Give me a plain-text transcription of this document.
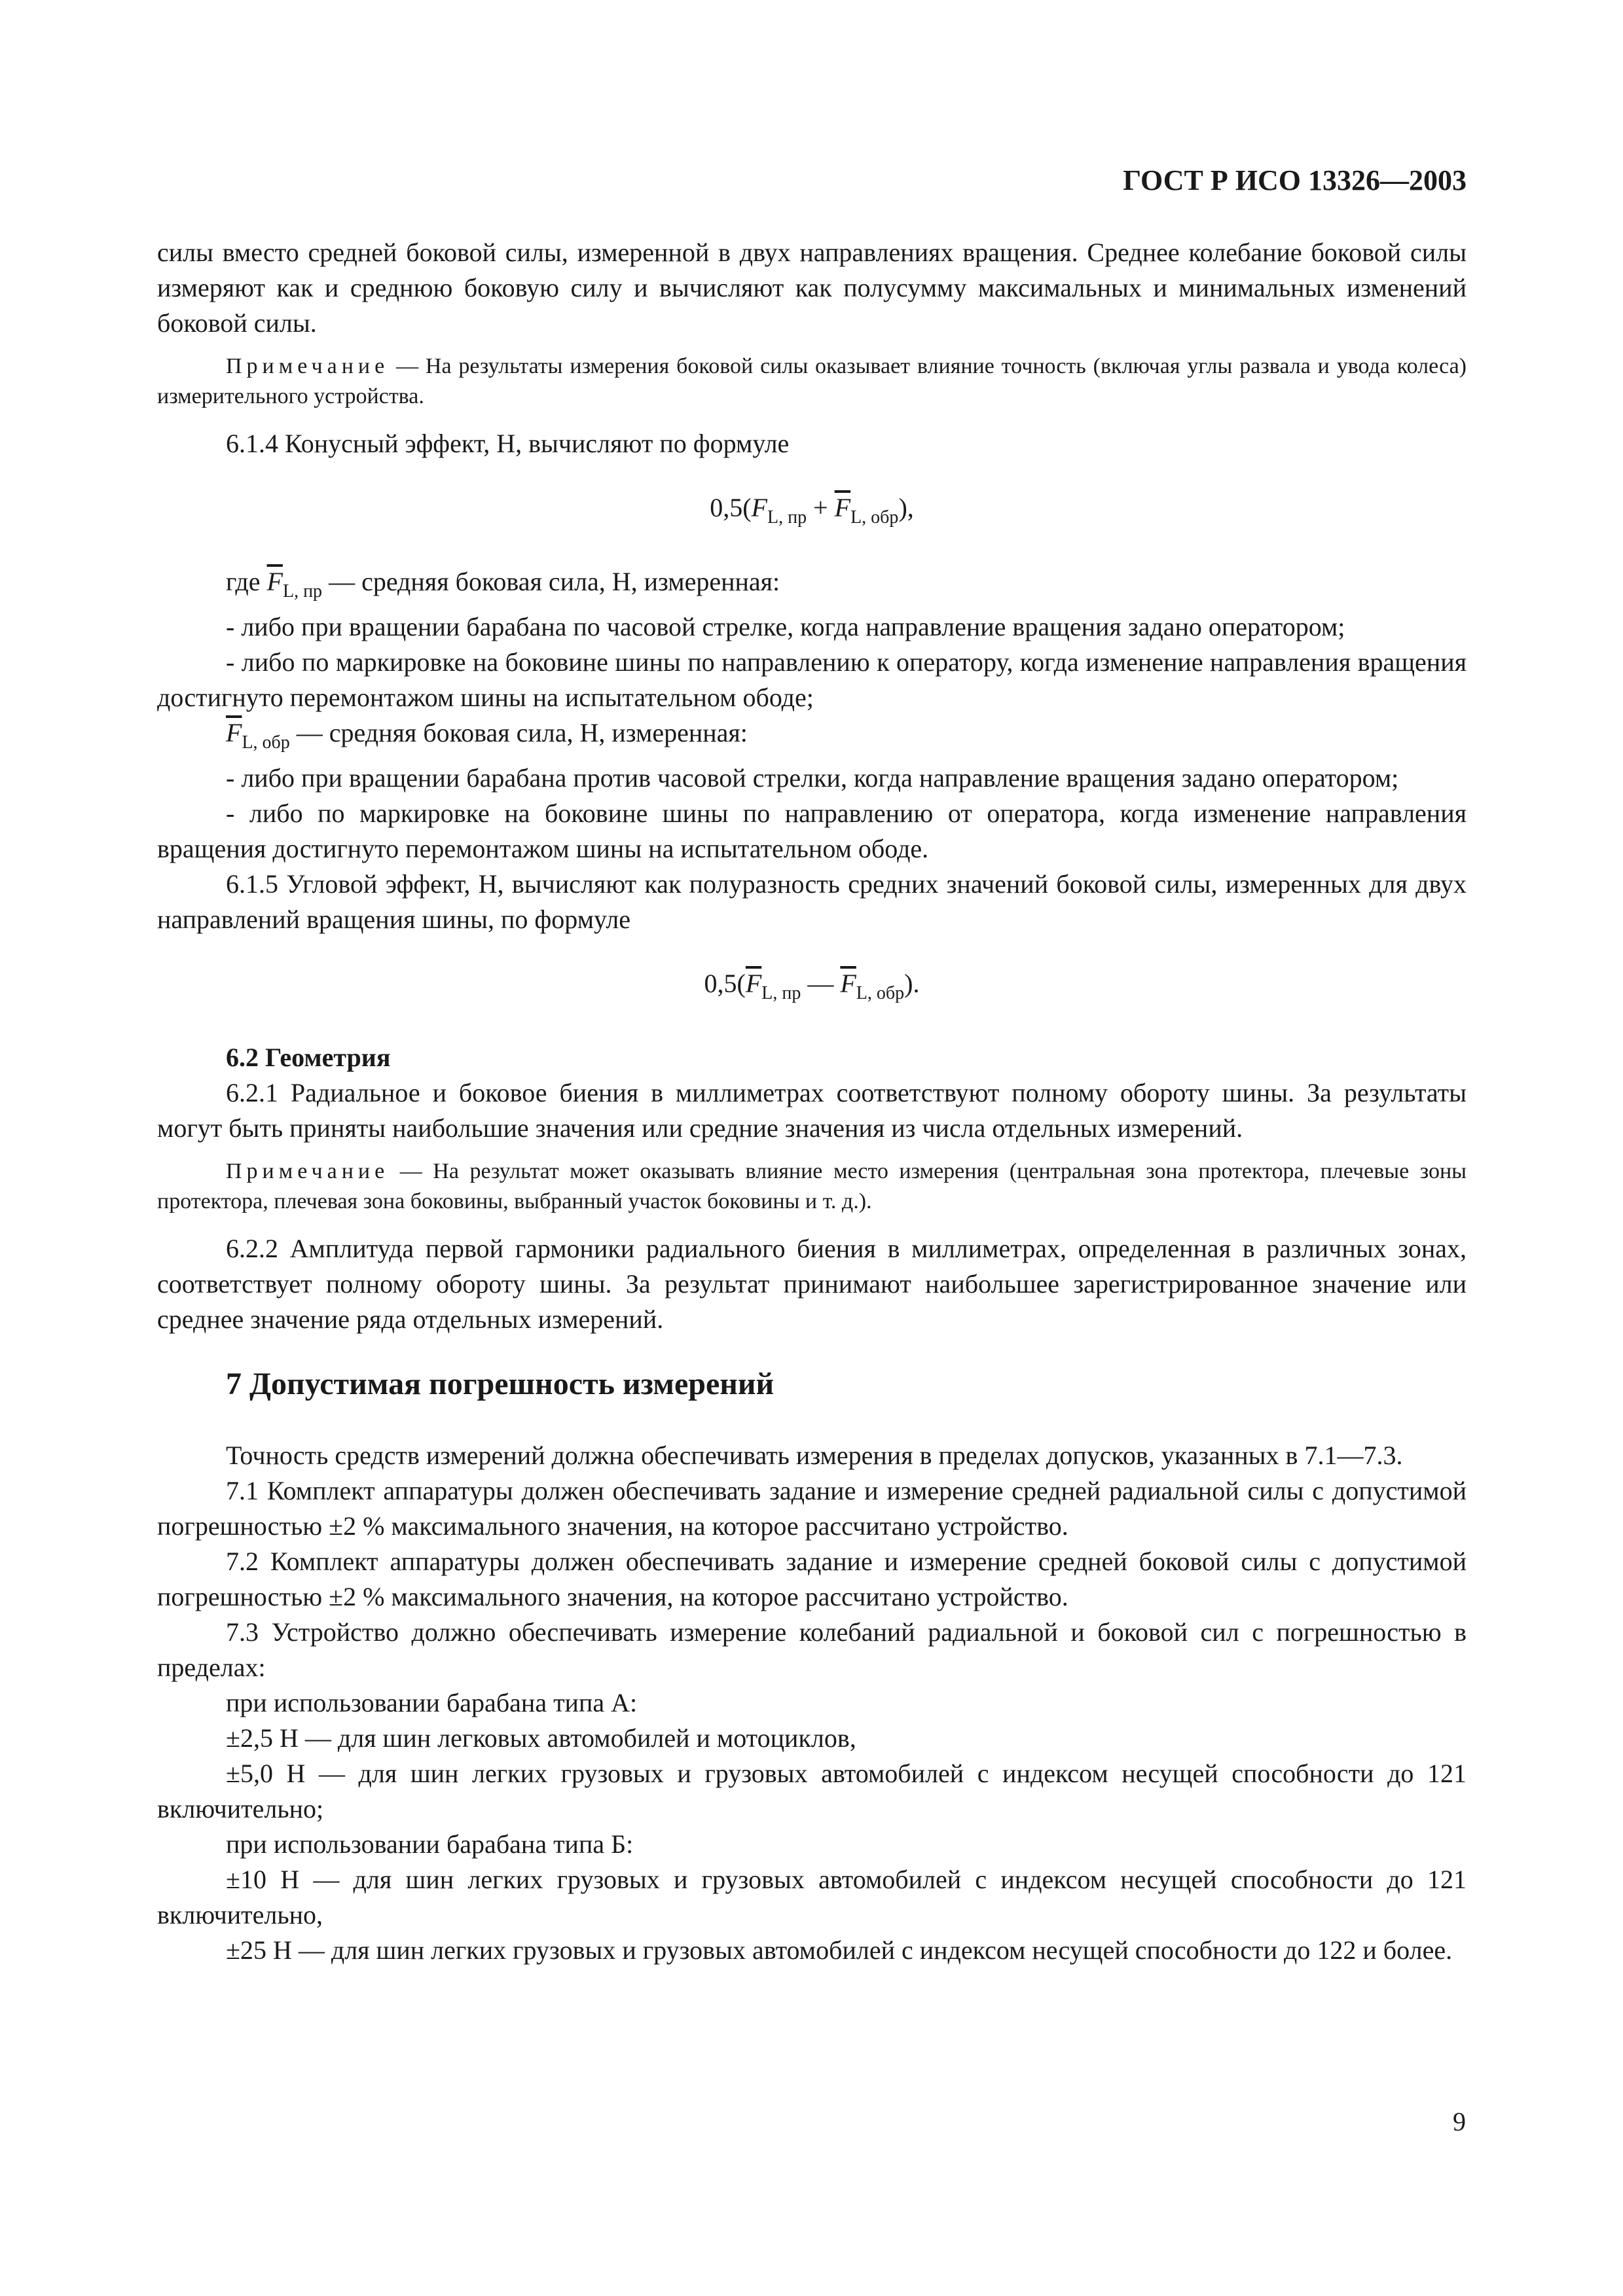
ГОСТ Р ИСО 13326—2003

силы вместо средней боковой силы, измеренной в двух направлениях вращения. Среднее колебание боковой силы измеряют как и среднюю боковую силу и вычисляют как полусумму максимальных и минимальных изменений боковой силы.

Примечание — На результаты измерения боковой силы оказывает влияние точность (включая углы развала и увода колеса) измерительного устройства.

6.1.4 Конусный эффект, Н, вычисляют по формуле

$0,5(F_{L, пр} + \overline{F}_{L, обр})$,

где $\overline{F}_{L, пр}$ — средняя боковая сила, Н, измеренная:

- либо при вращении барабана по часовой стрелке, когда направление вращения задано оператором;

- либо по маркировке на боковине шины по направлению к оператору, когда изменение направления вращения достигнуто перемонтажом шины на испытательном ободе;

$\overline{F}_{L, обр}$ — средняя боковая сила, Н, измеренная:

- либо при вращении барабана против часовой стрелки, когда направление вращения задано оператором;

- либо по маркировке на боковине шины по направлению от оператора, когда изменение направления вращения достигнуто перемонтажом шины на испытательном ободе.

6.1.5 Угловой эффект, Н, вычисляют как полуразность средних значений боковой силы, измеренных для двух направлений вращения шины, по формуле

$0,5(\overline{F}_{L, пр}$ — $\overline{F}_{L, обр}$).

6.2 Геометрия

6.2.1 Радиальное и боковое биения в миллиметрах соответствуют полному обороту шины. За результаты могут быть приняты наибольшие значения или средние значения из числа отдельных измерений.

Примечание — На результат может оказывать влияние место измерения (центральная зона протектора, плечевые зоны протектора, плечевая зона боковины, выбранный участок боковины и т. д.).

6.2.2 Амплитуда первой гармоники радиального биения в миллиметрах, определенная в различных зонах, соответствует полному обороту шины. За результат принимают наибольшее зарегистрированное значение или среднее значение ряда отдельных измерений.

7 Допустимая погрешность измерений

Точность средств измерений должна обеспечивать измерения в пределах допусков, указанных в 7.1—7.3.

7.1 Комплект аппаратуры должен обеспечивать задание и измерение средней радиальной силы с допустимой погрешностью ±2 % максимального значения, на которое рассчитано устройство.

7.2 Комплект аппаратуры должен обеспечивать задание и измерение средней боковой силы с допустимой погрешностью ±2 % максимального значения, на которое рассчитано устройство.

7.3 Устройство должно обеспечивать измерение колебаний радиальной и боковой сил с погрешностью в пределах:

при использовании барабана типа А:

±2,5 Н — для шин легковых автомобилей и мотоциклов,

±5,0 Н — для шин легких грузовых и грузовых автомобилей с индексом несущей способности до 121 включительно;

при использовании барабана типа Б:

±10 Н — для шин легких грузовых и грузовых автомобилей с индексом несущей способности до 121 включительно,

±25 Н — для шин легких грузовых и грузовых автомобилей с индексом несущей способности до 122 и более.

9
